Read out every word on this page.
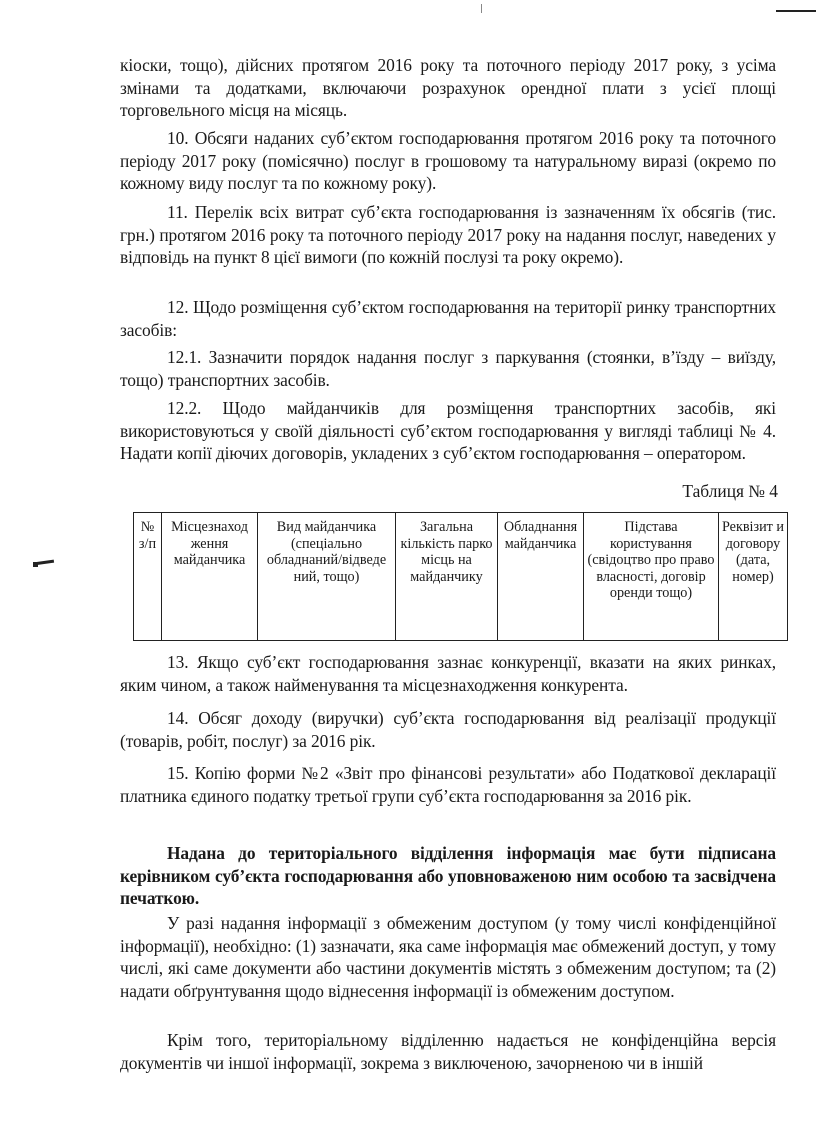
кіоски, тощо), дійсних протягом 2016 року та поточного періоду 2017 року, з усіма змінами та додатками, включаючи розрахунок орендної плати з усієї площі торговельного місця на місяць.

10. Обсяги наданих суб’єктом господарювання протягом 2016 року та поточного періоду 2017 року (помісячно) послуг в грошовому та натуральному виразі (окремо по кожному виду послуг та по кожному року).

11. Перелік всіх витрат суб’єкта господарювання із зазначенням їх обсягів (тис. грн.) протягом 2016 року та поточного періоду 2017 року на надання послуг, наведених у відповідь на пункт 8 цієї вимоги (по кожній послузі та року окремо).

12. Щодо розміщення суб’єктом господарювання на території ринку транспортних засобів:

12.1. Зазначити порядок надання послуг з паркування (стоянки, в’їзду – виїзду, тощо) транспортних засобів.

12.2. Щодо майданчиків для розміщення транспортних засобів, які використовуються у своїй діяльності суб’єктом господарювання у вигляді таблиці № 4. Надати копії діючих договорів, укладених з суб’єктом господарювання – оператором.

Таблиця № 4
№ з/п	Місцезнаход ження майданчика	Вид майданчика (спеціально обладнаний/відведе ний, тощо)	Загальна кількість парко місць на майданчику	Обладнання майданчика	Підстава користування (свідоцтво про право власності, договір оренди тощо)	Реквізит и договору (дата, номер)

13. Якщо суб’єкт господарювання зазнає конкуренції, вказати на яких ринках, яким чином, а також найменування та місцезнаходження конкурента.

14. Обсяг доходу (виручки) суб’єкта господарювання від реалізації продукції (товарів, робіт, послуг) за 2016 рік.

15. Копію форми №2 «Звіт про фінансові результати» або Податкової декларації платника єдиного податку третьої групи суб’єкта господарювання за 2016 рік.

Надана до територіального відділення інформація має бути підписана керівником суб’єкта господарювання або уповноваженою ним особою та засвідчена печаткою.

У разі надання інформації з обмеженим доступом (у тому числі конфіденційної інформації), необхідно: (1) зазначати, яка саме інформація має обмежений доступ, у тому числі, які саме документи або частини документів містять з обмеженим доступом; та (2) надати обґрунтування щодо віднесення інформації із обмеженим доступом.

Крім того, територіальному відділенню надається не конфіденційна версія документів чи іншої інформації, зокрема з виключеною, зачорненою чи в іншій
